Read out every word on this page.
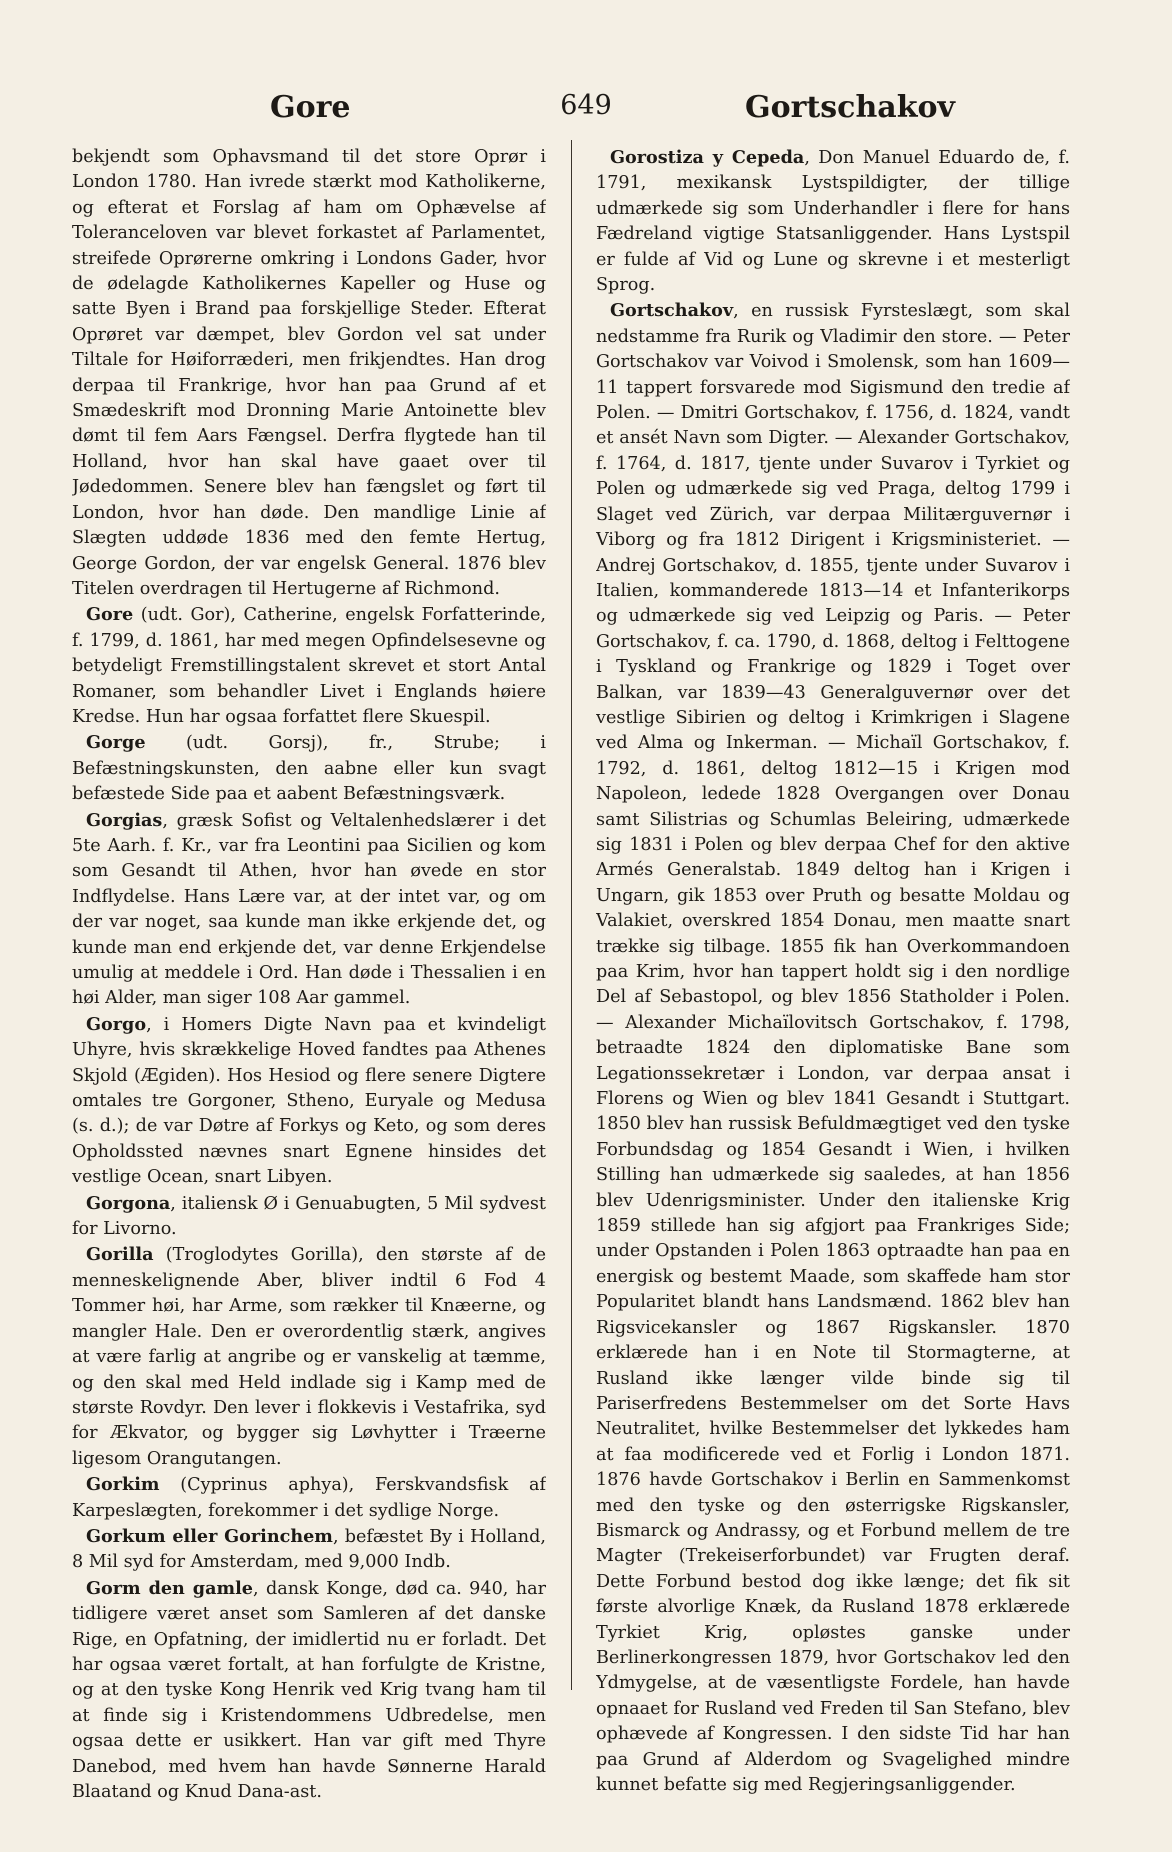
Gore	649	Gortschakov

bekjendt som Ophavsmand til det store Oprør i London 1780. Han ivrede stærkt mod Katholikerne, og efterat et Forslag af ham om Ophævelse af Toleranceloven var blevet forkastet af Parlamentet, streifede Oprørerne omkring i Londons Gader, hvor de ødelagde Katholikernes Kapeller og Huse og satte Byen i Brand paa forskjellige Steder. Efterat Oprøret var dæmpet, blev Gordon vel sat under Tiltale for Høiforræderi, men frikjendtes. Han drog derpaa til Frankrige, hvor han paa Grund af et Smædeskrift mod Dronning Marie Antoinette blev dømt til fem Aars Fængsel. Derfra flygtede han til Holland, hvor han skal have gaaet over til Jødedommen. Senere blev han fængslet og ført til London, hvor han døde. Den mandlige Linie af Slægten uddøde 1836 med den femte Hertug, George Gordon, der var engelsk General. 1876 blev Titelen overdragen til Hertugerne af Richmond.

Gore (udt. Gor), Catherine, engelsk Forfatterinde, f. 1799, d. 1861, har med megen Opfindelsesevne og betydeligt Fremstillingstalent skrevet et stort Antal Romaner, som behandler Livet i Englands høiere Kredse. Hun har ogsaa forfattet flere Skuespil.

Gorge (udt. Gorsj), fr., Strube; i Befæstningskunsten, den aabne eller kun svagt befæstede Side paa et aabent Befæstningsværk.

Gorgias, græsk Sofist og Veltalenhedslærer i det 5te Aarh. f. Kr., var fra Leontini paa Sicilien og kom som Gesandt til Athen, hvor han øvede en stor Indflydelse. Hans Lære var, at der intet var, og om der var noget, saa kunde man ikke erkjende det, og kunde man end erkjende det, var denne Erkjendelse umulig at meddele i Ord. Han døde i Thessalien i en høi Alder, man siger 108 Aar gammel.

Gorgo, i Homers Digte Navn paa et kvindeligt Uhyre, hvis skrækkelige Hoved fandtes paa Athenes Skjold (Ægiden). Hos Hesiod og flere senere Digtere omtales tre Gorgoner, Stheno, Euryale og Medusa (s. d.); de var Døtre af Forkys og Keto, og som deres Opholdssted nævnes snart Egnene hinsides det vestlige Ocean, snart Libyen.

Gorgona, italiensk Ø i Genuabugten, 5 Mil sydvest for Livorno.

Gorilla (Troglodytes Gorilla), den største af de menneskelignende Aber, bliver indtil 6 Fod 4 Tommer høi, har Arme, som rækker til Knæerne, og mangler Hale. Den er overordentlig stærk, angives at være farlig at angribe og er vanskelig at tæmme, og den skal med Held indlade sig i Kamp med de største Rovdyr. Den lever i flokkevis i Vestafrika, syd for Ækvator, og bygger sig Løvhytter i Træerne ligesom Orangutangen.

Gorkim (Cyprinus aphya), Ferskvandsfisk af Karpeslægten, forekommer i det sydlige Norge.

Gorkum eller Gorinchem, befæstet By i Holland, 8 Mil syd for Amsterdam, med 9,000 Indb.

Gorm den gamle, dansk Konge, død ca. 940, har tidligere været anset som Samleren af det danske Rige, en Opfatning, der imidlertid nu er forladt. Det har ogsaa været fortalt, at han forfulgte de Kristne, og at den tyske Kong Henrik ved Krig tvang ham til at finde sig i Kristendommens Udbredelse, men ogsaa dette er usikkert. Han var gift med Thyre Danebod, med hvem han havde Sønnerne Harald Blaatand og Knud Dana-ast.

Gorostiza y Cepeda, Don Manuel Eduardo de, f. 1791, mexikansk Lystspildigter, der tillige udmærkede sig som Underhandler i flere for hans Fædreland vigtige Statsanliggender. Hans Lystspil er fulde af Vid og Lune og skrevne i et mesterligt Sprog.

Gortschakov, en russisk Fyrsteslægt, som skal nedstamme fra Rurik og Vladimir den store. — Peter Gortschakov var Voivod i Smolensk, som han 1609—11 tappert forsvarede mod Sigismund den tredie af Polen. — Dmitri Gortschakov, f. 1756, d. 1824, vandt et ansét Navn som Digter. — Alexander Gortschakov, f. 1764, d. 1817, tjente under Suvarov i Tyrkiet og Polen og udmærkede sig ved Praga, deltog 1799 i Slaget ved Zürich, var derpaa Militærguvernør i Viborg og fra 1812 Dirigent i Krigsministeriet. — Andrej Gortschakov, d. 1855, tjente under Suvarov i Italien, kommanderede 1813—14 et Infanterikorps og udmærkede sig ved Leipzig og Paris. — Peter Gortschakov, f. ca. 1790, d. 1868, deltog i Felttogene i Tyskland og Frankrige og 1829 i Toget over Balkan, var 1839—43 Generalguvernør over det vestlige Sibirien og deltog i Krimkrigen i Slagene ved Alma og Inkerman. — Michaïl Gortschakov, f. 1792, d. 1861, deltog 1812—15 i Krigen mod Napoleon, ledede 1828 Overgangen over Donau samt Silistrias og Schumlas Beleiring, udmærkede sig 1831 i Polen og blev derpaa Chef for den aktive Armés Generalstab. 1849 deltog han i Krigen i Ungarn, gik 1853 over Pruth og besatte Moldau og Valakiet, overskred 1854 Donau, men maatte snart trække sig tilbage. 1855 fik han Overkommandoen paa Krim, hvor han tappert holdt sig i den nordlige Del af Sebastopol, og blev 1856 Statholder i Polen. — Alexander Michaïlovitsch Gortschakov, f. 1798, betraadte 1824 den diplomatiske Bane som Legationssekretær i London, var derpaa ansat i Florens og Wien og blev 1841 Gesandt i Stuttgart. 1850 blev han russisk Befuldmægtiget ved den tyske Forbundsdag og 1854 Gesandt i Wien, i hvilken Stilling han udmærkede sig saaledes, at han 1856 blev Udenrigsminister. Under den italienske Krig 1859 stillede han sig afgjort paa Frankriges Side; under Opstanden i Polen 1863 optraadte han paa en energisk og bestemt Maade, som skaffede ham stor Popularitet blandt hans Landsmænd. 1862 blev han Rigsvicekansler og 1867 Rigskansler. 1870 erklærede han i en Note til Stormagterne, at Rusland ikke længer vilde binde sig til Pariserfredens Bestemmelser om det Sorte Havs Neutralitet, hvilke Bestemmelser det lykkedes ham at faa modificerede ved et Forlig i London 1871. 1876 havde Gortschakov i Berlin en Sammenkomst med den tyske og den østerrigske Rigskansler, Bismarck og Andrassy, og et Forbund mellem de tre Magter (Trekeiserforbundet) var Frugten deraf. Dette Forbund bestod dog ikke længe; det fik sit første alvorlige Knæk, da Rusland 1878 erklærede Tyrkiet Krig, opløstes ganske under Berlinerkongressen 1879, hvor Gortschakov led den Ydmygelse, at de væsentligste Fordele, han havde opnaaet for Rusland ved Freden til San Stefano, blev ophævede af Kongressen. I den sidste Tid har han paa Grund af Alderdom og Svagelighed mindre kunnet befatte sig med Regjeringsanliggender.
